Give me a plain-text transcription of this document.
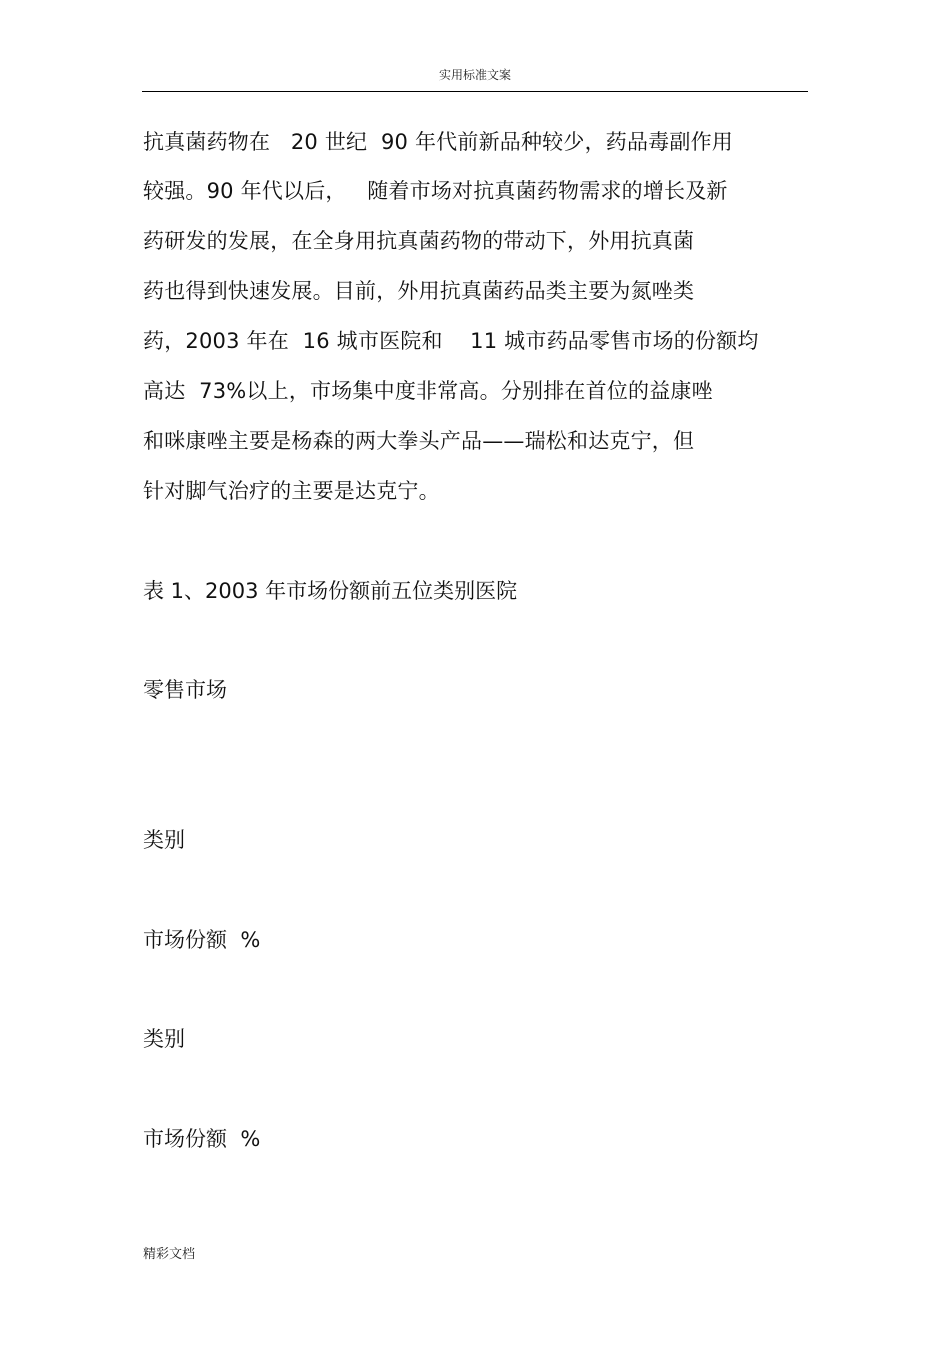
实用标准文案
抗真菌药物在   20 世纪  90 年代前新品种较少，药品毒副作用
较强。90 年代以后，   随着市场对抗真菌药物需求的增长及新
药研发的发展，在全身用抗真菌药物的带动下，外用抗真菌
药也得到快速发展。目前，外用抗真菌药品类主要为氮唑类
药，2003 年在  16 城市医院和    11 城市药品零售市场的份额均
高达  73%以上，市场集中度非常高。分别排在首位的益康唑
和咪康唑主要是杨森的两大拳头产品——瑞松和达克宁，但
针对脚气治疗的主要是达克宁。
表 1、2003 年市场份额前五位类别医院
零售市场
类别
市场份额  %
类别
市场份额  %
精彩文档
